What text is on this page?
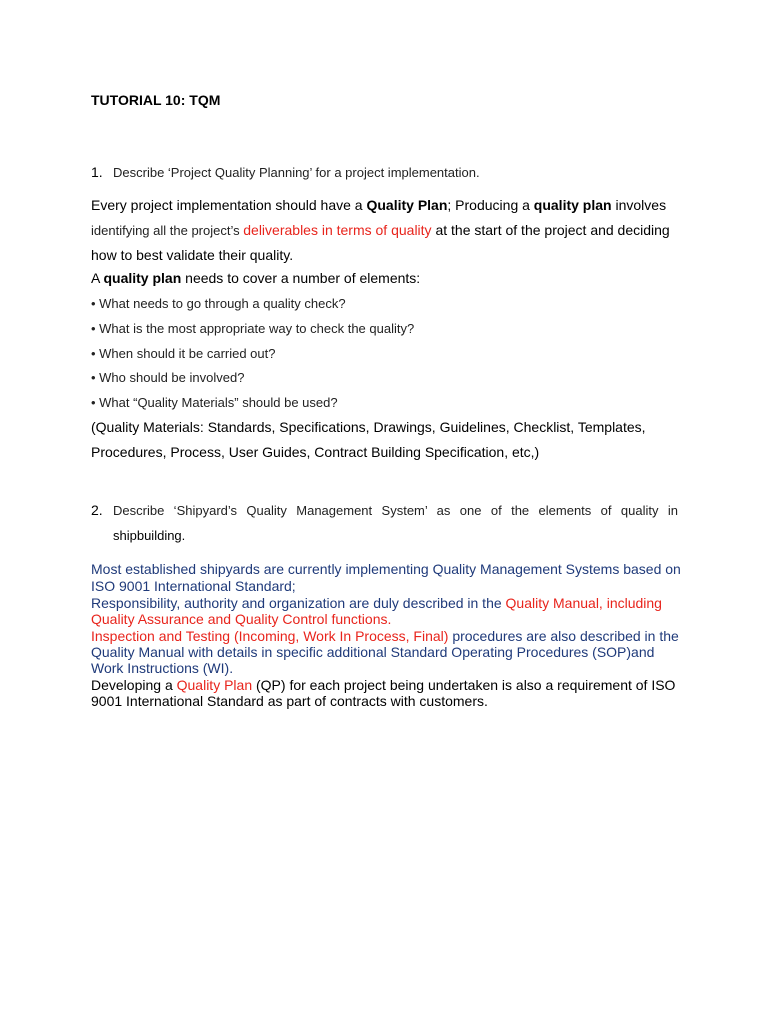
TUTORIAL 10: TQM
1. Describe ‘Project Quality Planning’ for a project implementation.
Every project implementation should have a Quality Plan; Producing a quality plan involves
identifying all the project’s deliverables in terms of quality at the start of the project and deciding
how to best validate their quality.
A quality plan needs to cover a number of elements:
• What needs to go through a quality check?
• What is the most appropriate way to check the quality?
• When should it be carried out?
• Who should be involved?
• What “Quality Materials” should be used?
(Quality Materials: Standards, Specifications, Drawings, Guidelines, Checklist, Templates,
Procedures, Process, User Guides, Contract Building Specification, etc,)
2. Describe ‘Shipyard’s Quality Management System’ as one of the elements of quality in
shipbuilding.
Most established shipyards are currently implementing Quality Management Systems based on
ISO 9001 International Standard;
Responsibility, authority and organization are duly described in the Quality Manual, including
Quality Assurance and Quality Control functions.
Inspection and Testing (Incoming, Work In Process, Final) procedures are also described in the
Quality Manual with details in specific additional Standard Operating Procedures (SOP)and
Work Instructions (WI).
Developing a Quality Plan (QP) for each project being undertaken is also a requirement of ISO
9001 International Standard as part of contracts with customers.
